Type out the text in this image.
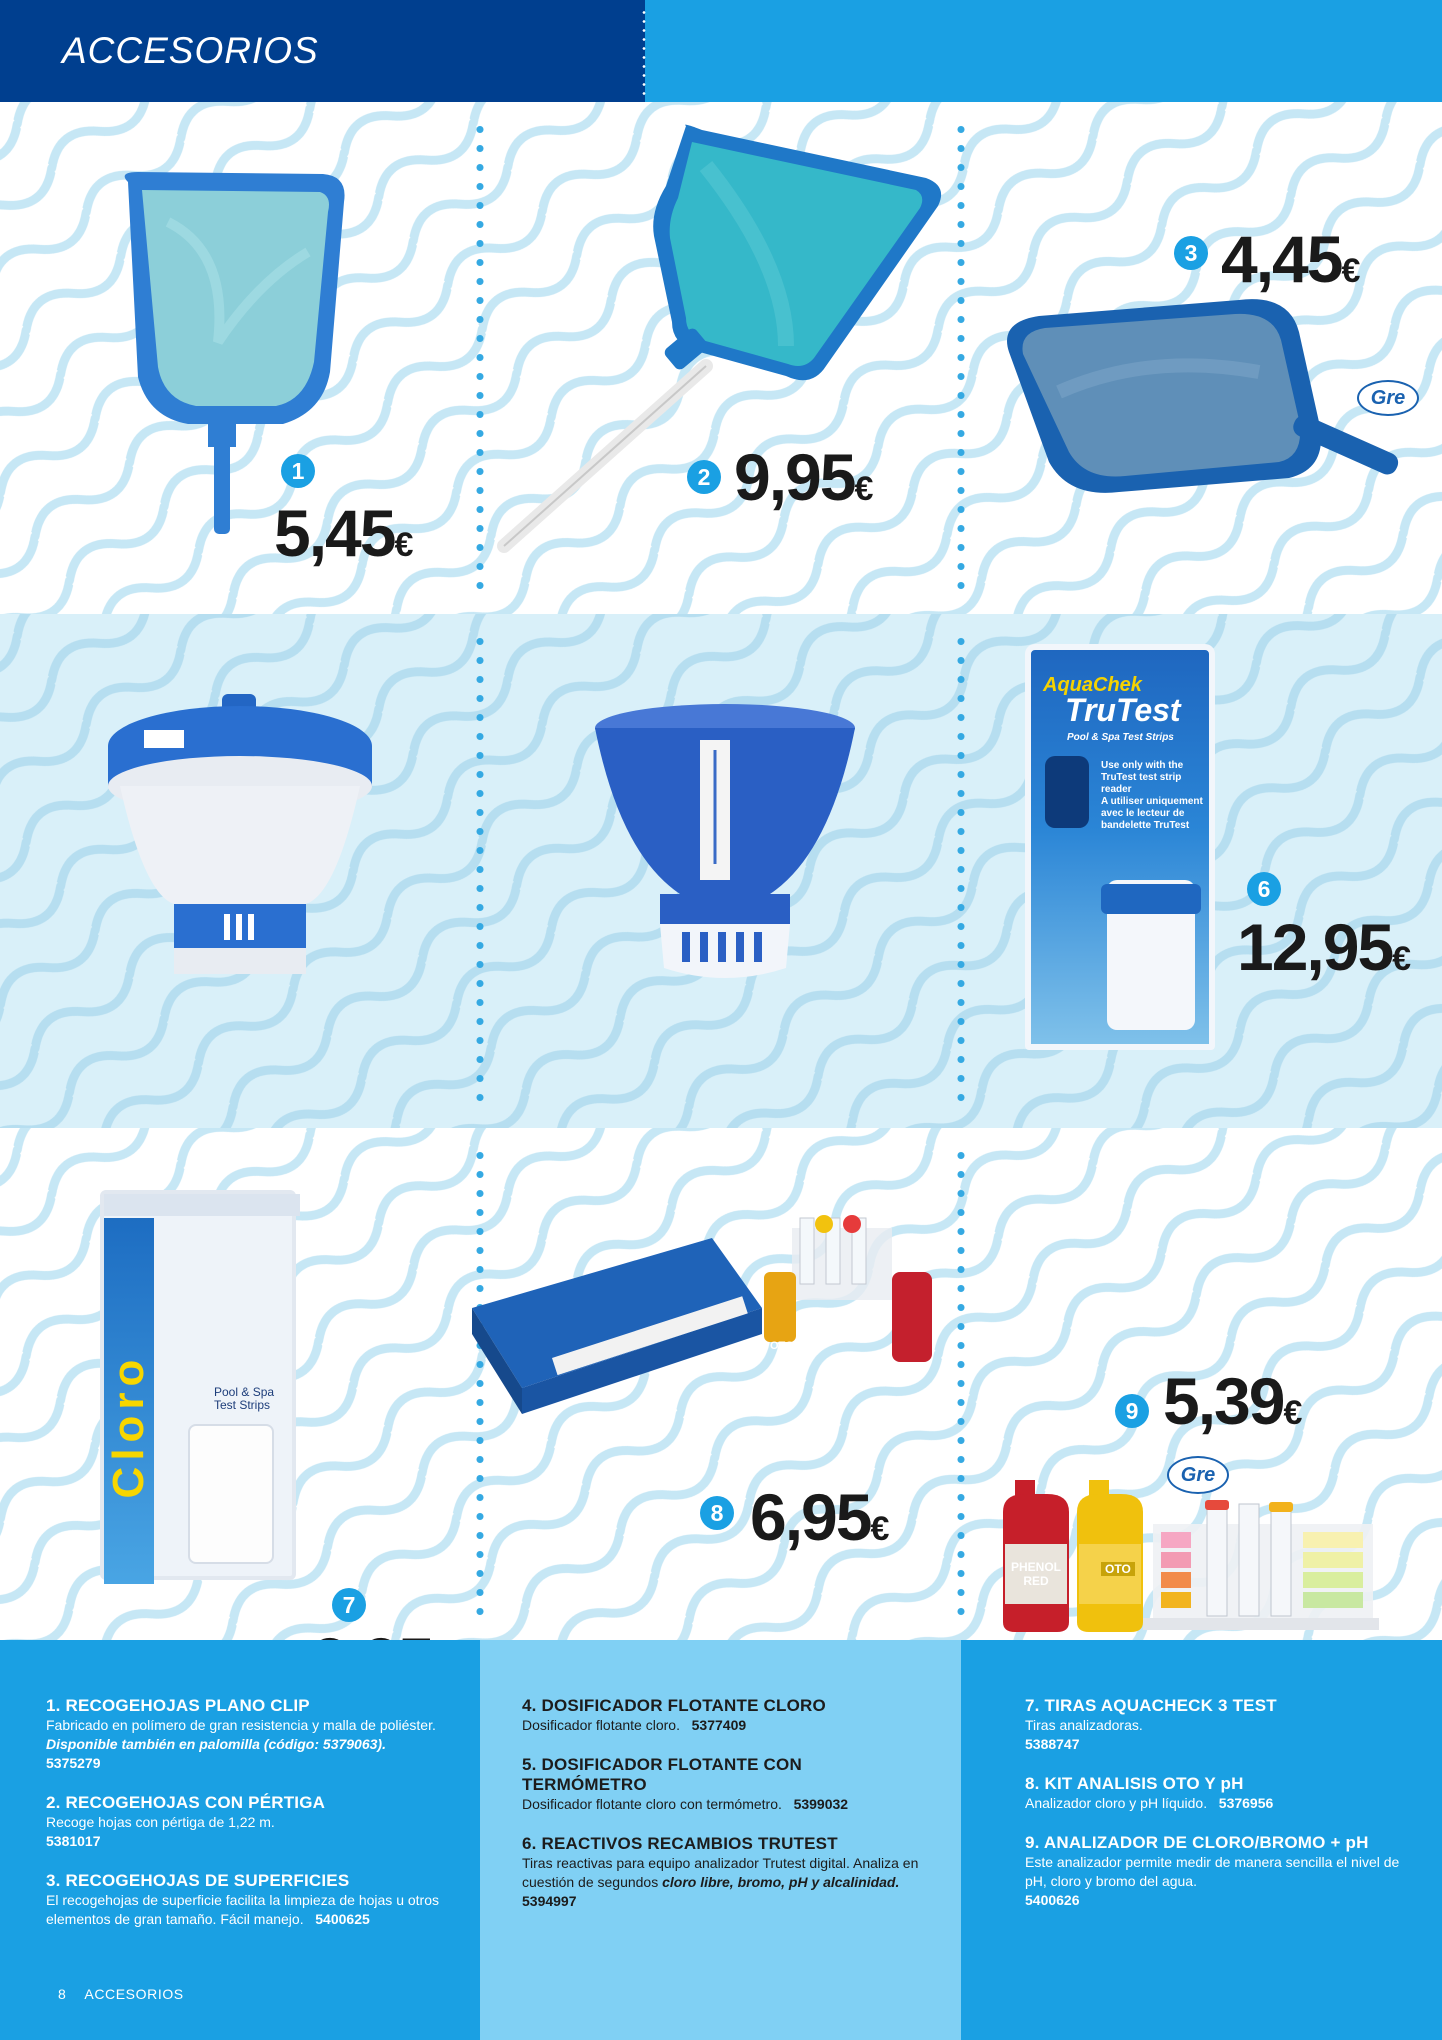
ACCESORIOS
1
5,45€
2 9,95€
3 4,45€
Gre
AquaChek
TruTest
Pool & Spa Test Strips
Use only with the
TruTest test strip reader
A utiliser uniquement
avec le lecteur de
bandelette TruTest
6
12,95€
Cloro	Pool & Spa Test Strips
7
OTO
8 6,95€
9 5,39€
Gre
PHENOL RED
OTO
1. RECOGEHOJAS PLANO CLIP
Fabricado en polímero de gran resistencia y malla de poliéster.
Disponible también en palomilla (código: 5379063).
5375279
2. RECOGEHOJAS CON PÉRTIGA
Recoge hojas con pértiga de 1,22 m.
5381017
3. RECOGEHOJAS DE SUPERFICIES
El recogehojas de superficie facilita la limpieza de hojas u otros elementos de gran tamaño. Fácil manejo. 5400625
4. DOSIFICADOR FLOTANTE CLORO
Dosificador flotante cloro. 5377409
5. DOSIFICADOR FLOTANTE CON TERMÓMETRO
Dosificador flotante cloro con termómetro. 5399032
6. REACTIVOS RECAMBIOS TRUTEST
Tiras reactivas para equipo analizador Trutest digital. Analiza en cuestión de segundos cloro libre, bromo, pH y alcalinidad.
5394997
7. TIRAS AQUACHECK 3 TEST
Tiras analizadoras.
5388747
8. KIT ANALISIS OTO Y pH
Analizador cloro y pH líquido. 5376956
9. ANALIZADOR DE CLORO/BROMO + pH
Este analizador permite medir de manera sencilla el nivel de pH, cloro y bromo del agua.
5400626
8 ACCESORIOS
